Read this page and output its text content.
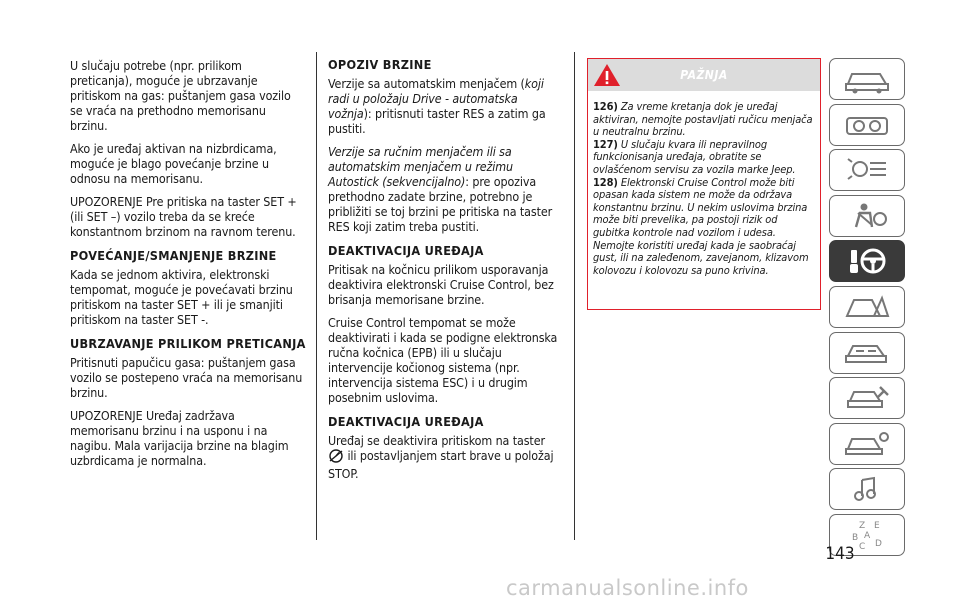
U slučaju potrebe (npr. prilikom preticanja), moguće je ubrzavanje pritiskom na gas: puštanjem gasa vozilo se vraća na prethodno memorisanu brzinu.

Ako je uređaj aktivan na nizbrdicama, moguće je blago povećanje brzine u odnosu na memorisanu.

UPOZORENJE Pre pritiska na taster SET + (ili SET –) vozilo treba da se kreće konstantnom brzinom na ravnom terenu.

POVEĆANJE/SMANJENJE BRZINE

Kada se jednom aktivira, elektronski tempomat, moguće je povećavati brzinu pritiskom na taster SET + ili je smanjiti pritiskom na taster SET -.

UBRZAVANJE PRILIKOM PRETICANJA

Pritisnuti papučicu gasa: puštanjem gasa vozilo se postepeno vraća na memorisanu brzinu.

UPOZORENJE Uređaj zadržava memorisanu brzinu i na usponu i na nagibu. Mala varijacija brzine na blagim uzbrdicama je normalna.

OPOZIV BRZINE

Verzije sa automatskim menjačem (koji radi u položaju Drive - automatska vožnja): pritisnuti taster RES a zatim ga pustiti.

Verzije sa ručnim menjačem ili sa automatskim menjačem u režimu Autostick (sekvencijalno): pre opoziva prethodno zadate brzine, potrebno je približiti se toj brzini pe pritiska na taster RES koji zatim treba pustiti.

DEAKTIVACIJA UREĐAJA

Pritisak na kočnicu prilikom usporavanja deaktivira elektronski Cruise Control, bez brisanja memorisane brzine.

Cruise Control tempomat se može deaktivirati i kada se podigne elektronska ručna kočnica (EPB) ili u slučaju intervencije kočionog sistema (npr. intervencija sistema ESC) i u drugim posebnim uslovima.

DEAKTIVACIJA UREĐAJA

Uređaj se deaktivira pritiskom na taster
ili postavljanjem start brave u položaj STOP.

PAŽNJA

126) Za vreme kretanja dok je uređaj aktiviran, nemojte postavljati ručicu menjača u neutralnu brzinu.

127) U slučaju kvara ili nepravilnog funkcionisanja uređaja, obratite se ovlašćenom servisu za vozila marke Jeep.

128) Elektronski Cruise Control može biti opasan kada sistem ne može da održava konstantnu brzinu. U nekim uslovima brzina može biti prevelika, pa postoji rizik od gubitka kontrole nad vozilom i udesa. Nemojte koristiti uređaj kada je saobraćaj gust, ili na zaleđenom, zavejanom, klizavom kolovozu i kolovozu sa puno krivina.

Z
B A
E
C D
143
carmanualsonline.info
